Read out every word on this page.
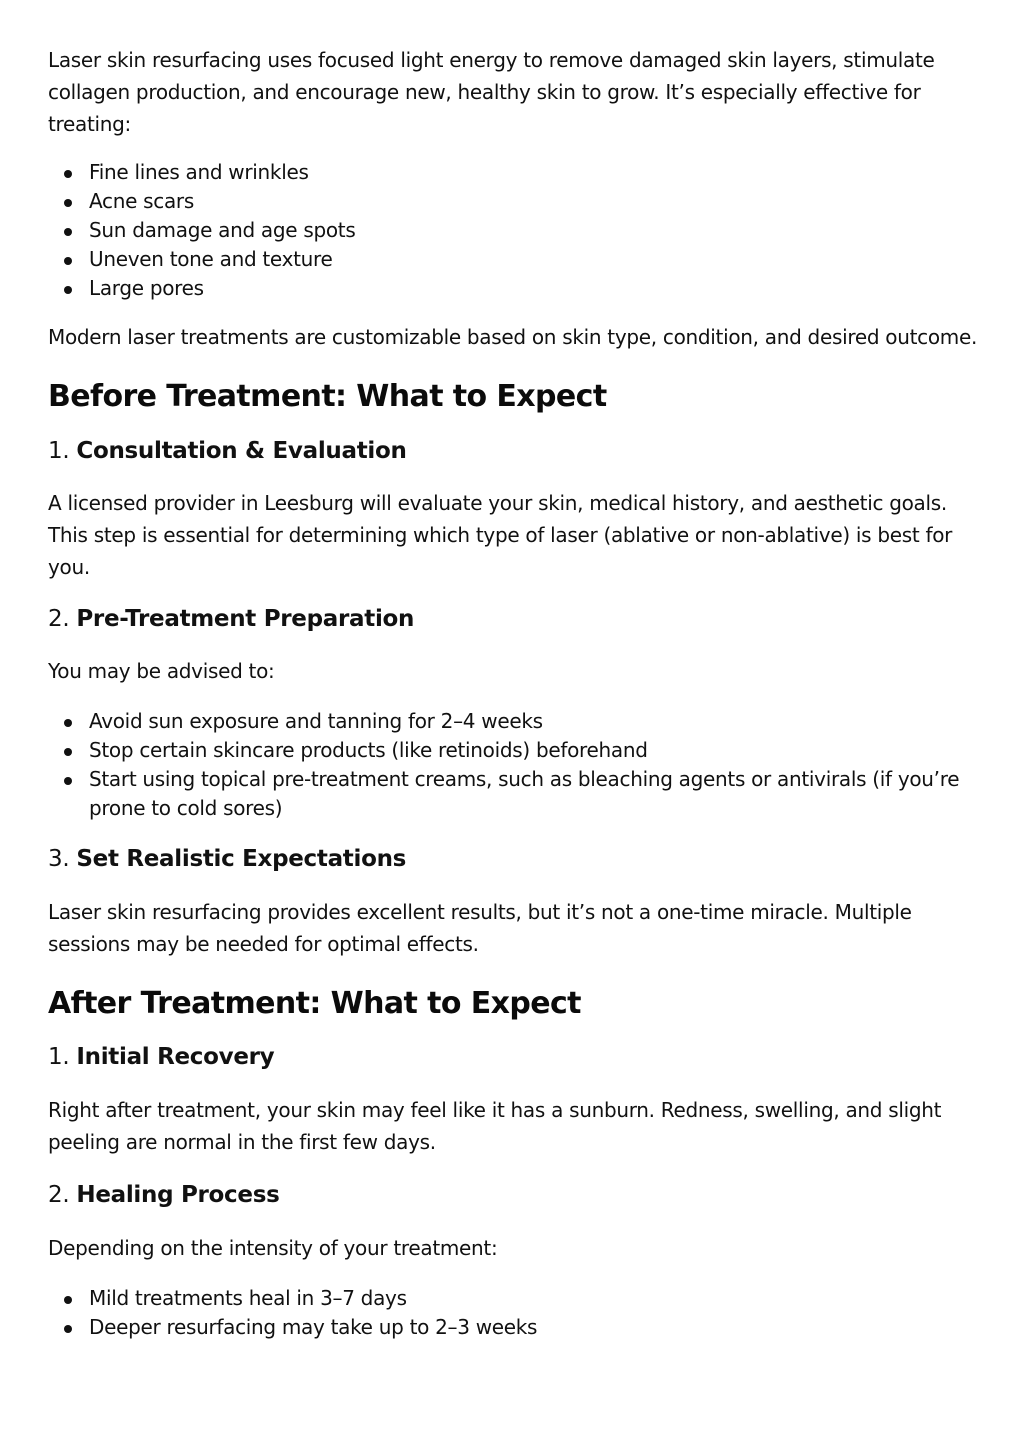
Laser skin resurfacing uses focused light energy to remove damaged skin layers, stimulate collagen production, and encourage new, healthy skin to grow. It’s especially effective for treating:

Fine lines and wrinkles
Acne scars
Sun damage and age spots
Uneven tone and texture
Large pores

Modern laser treatments are customizable based on skin type, condition, and desired outcome.

Before Treatment: What to Expect
1. Consultation & Evaluation

A licensed provider in Leesburg will evaluate your skin, medical history, and aesthetic goals. This step is essential for determining which type of laser (ablative or non-ablative) is best for you.

2. Pre-Treatment Preparation

You may be advised to:

Avoid sun exposure and tanning for 2–4 weeks
Stop certain skincare products (like retinoids) beforehand
Start using topical pre-treatment creams, such as bleaching agents or antivirals (if you’re prone to cold sores)
3. Set Realistic Expectations

Laser skin resurfacing provides excellent results, but it’s not a one-time miracle. Multiple sessions may be needed for optimal effects.

After Treatment: What to Expect
1. Initial Recovery

Right after treatment, your skin may feel like it has a sunburn. Redness, swelling, and slight peeling are normal in the first few days.

2. Healing Process

Depending on the intensity of your treatment:

Mild treatments heal in 3–7 days
Deeper resurfacing may take up to 2–3 weeks
